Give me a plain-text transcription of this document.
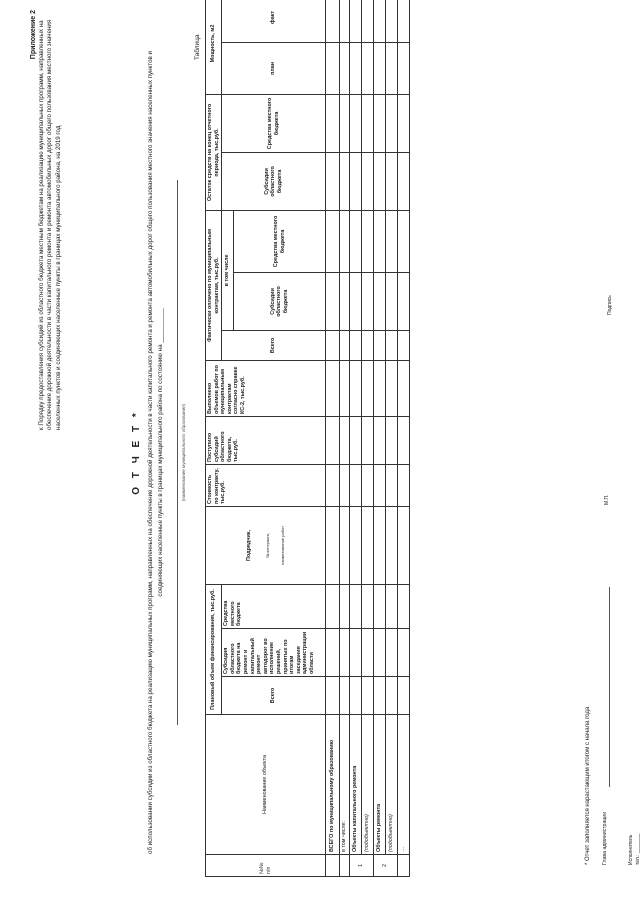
Приложение 2 к Порядку предоставления субсидий из областного бюджета местным бюджетам на реализацию муниципальных программ, направленных на обеспечение дорожной деятельности в части капитального ремонта и ремонта автомобильных дорог общего пользования местного значения населенных пунктов и соединяющих населенные пункты в границах муниципального района, на 2019 год
О Т Ч Е Т * об использовании субсидии из областного бюджета на реализацию муниципальных программ, направленных на обеспечение дорожной деятельности в части капитального ремонта и ремонта автомобильных дорог общего пользования местного значения населенных пунктов и соединяющих населенные пункты в границах муниципального района по состоянию на __________	(наименование муниципального образования)
Таблица
№№ п/п	Наименование объекта	Плановый объем финансирования, тыс.руб.			Подрядчик, № контракта, наименование работ	Стоимость по контракту, тыс.руб.	Поступило субсидий областного бюджета, тыс.руб.	Выполнено объемов работ по муниципальным контрактам согласно справке КС-2, тыс.руб.	Фактически оплачено по муниципальным контрактам, тыс.руб.			Остаток средств на конец отчетного периода, тыс.руб.		Мощность, м2	
		Всего	Субсидия областного бюджета на ремонт и капитальный ремонт автодорог во исполнение решений, принятых по итогам заседания администрации области	Средства местного бюджета					Всего	в том числе		Субсидии областного бюджета	Средства местного бюджета	план	факт
										Субсидии областного бюджета	Средства местного бюджета				
	ВСЕГО по муниципальному образованию														
	в том числе:														
1	Объекты капитального ремонта														
	(подобъектно)														
2	Объекты ремонта														
	(подобъектно)														
	…															* Отчет заполняется нарастающим итогом с начала года Глава администрации
М.П.
Подпись
Исполнитель тел.: _______
